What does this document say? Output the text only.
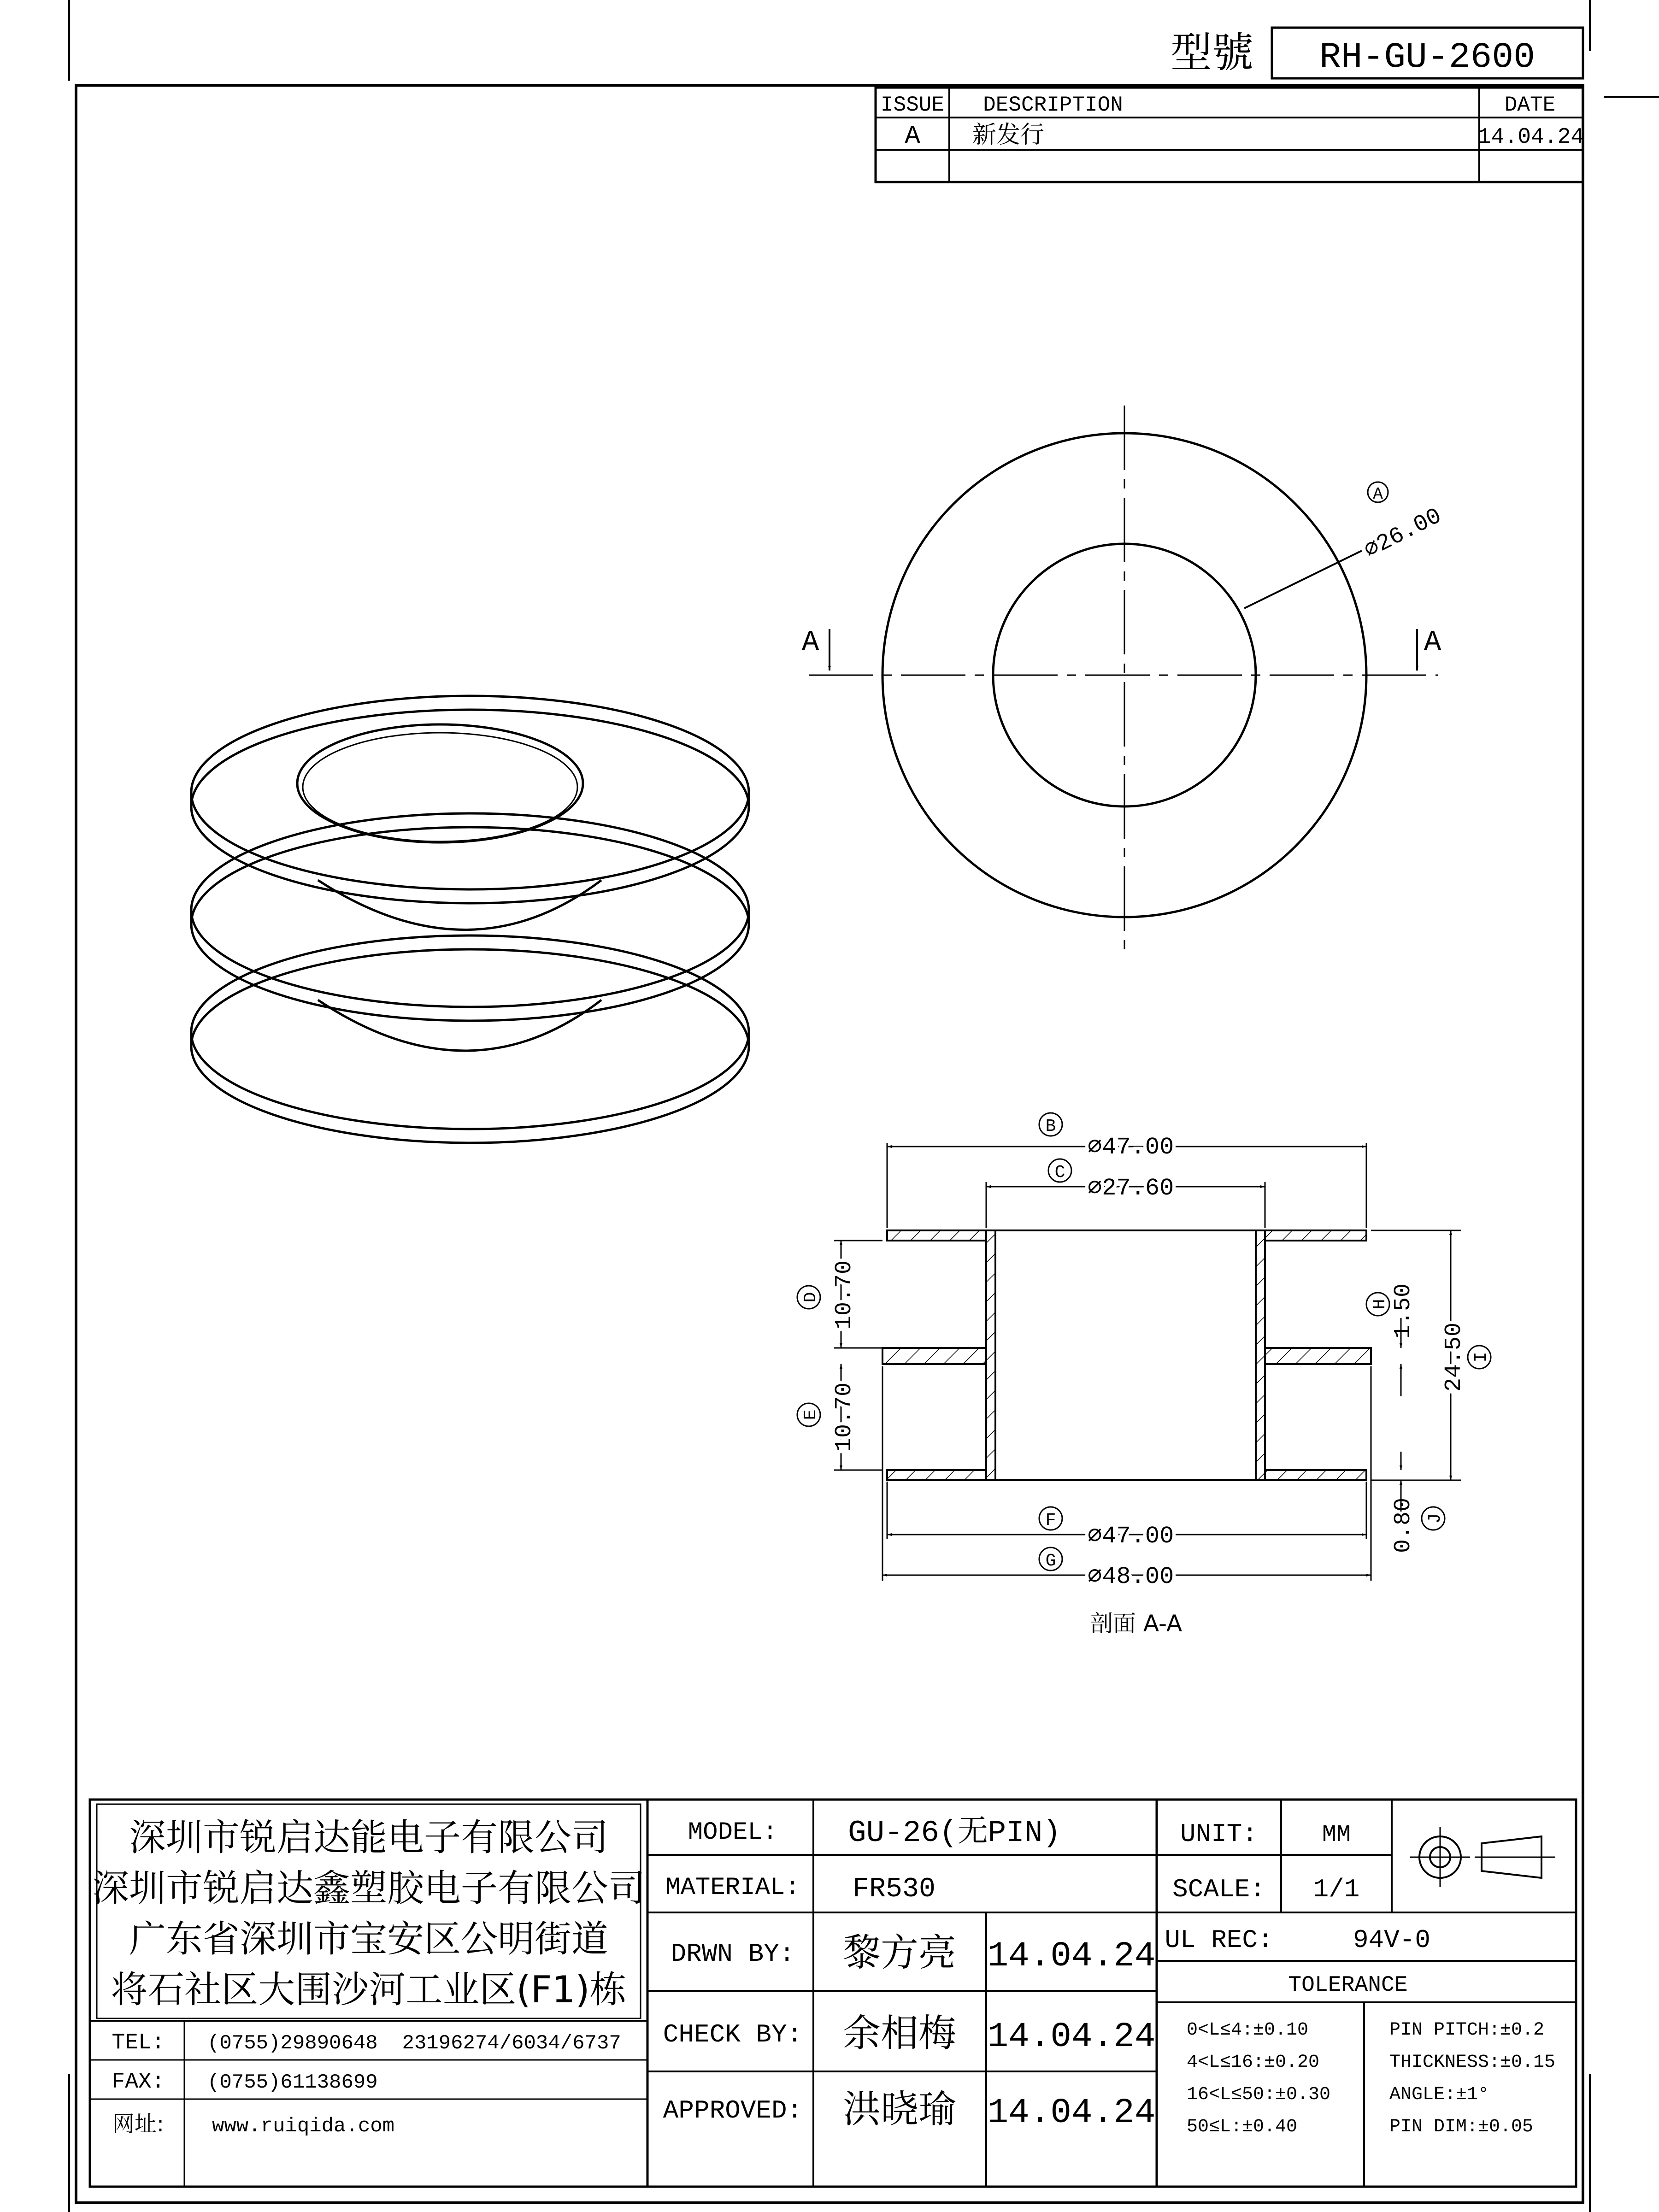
型號 RH-GU-2600
ISSUE DESCRIPTION	DATE
A 新发行	14.04.24
A
⌀26.00
A	A
B
⌀47.00
C
⌀27.60
10.70
10.70
D
E
24.50 I
1.50
H
0.80 J
F
⌀47.00
G
⌀48.00
剖面 A-A
深圳市锐启达能电子有限公司
深圳市锐启达鑫塑胶电子有限公司
广东省深圳市宝安区公明街道
将石社区大围沙河工业区(F1)栋
TEL: (0755)29890648  23196274/6034/6737
FAX: (0755)61138699
网址: www.ruiqida.com
MODEL: GU-26(无PIN)
MATERIAL: FR530
DRWN BY: 黎方亮 14.04.24
CHECK BY: 余相梅 14.04.24
APPROVED: 洪晓瑜 14.04.24
UNIT:	MM
SCALE: 1/1
UL REC:	94V-0
TOLERANCE
0<L≤4:±0.10
4<L≤16:±0.20
16<L≤50:±0.30
50≤L:±0.40
PIN PITCH:±0.2
THICKNESS:±0.15
ANGLE:±1°
PIN DIM:±0.05
